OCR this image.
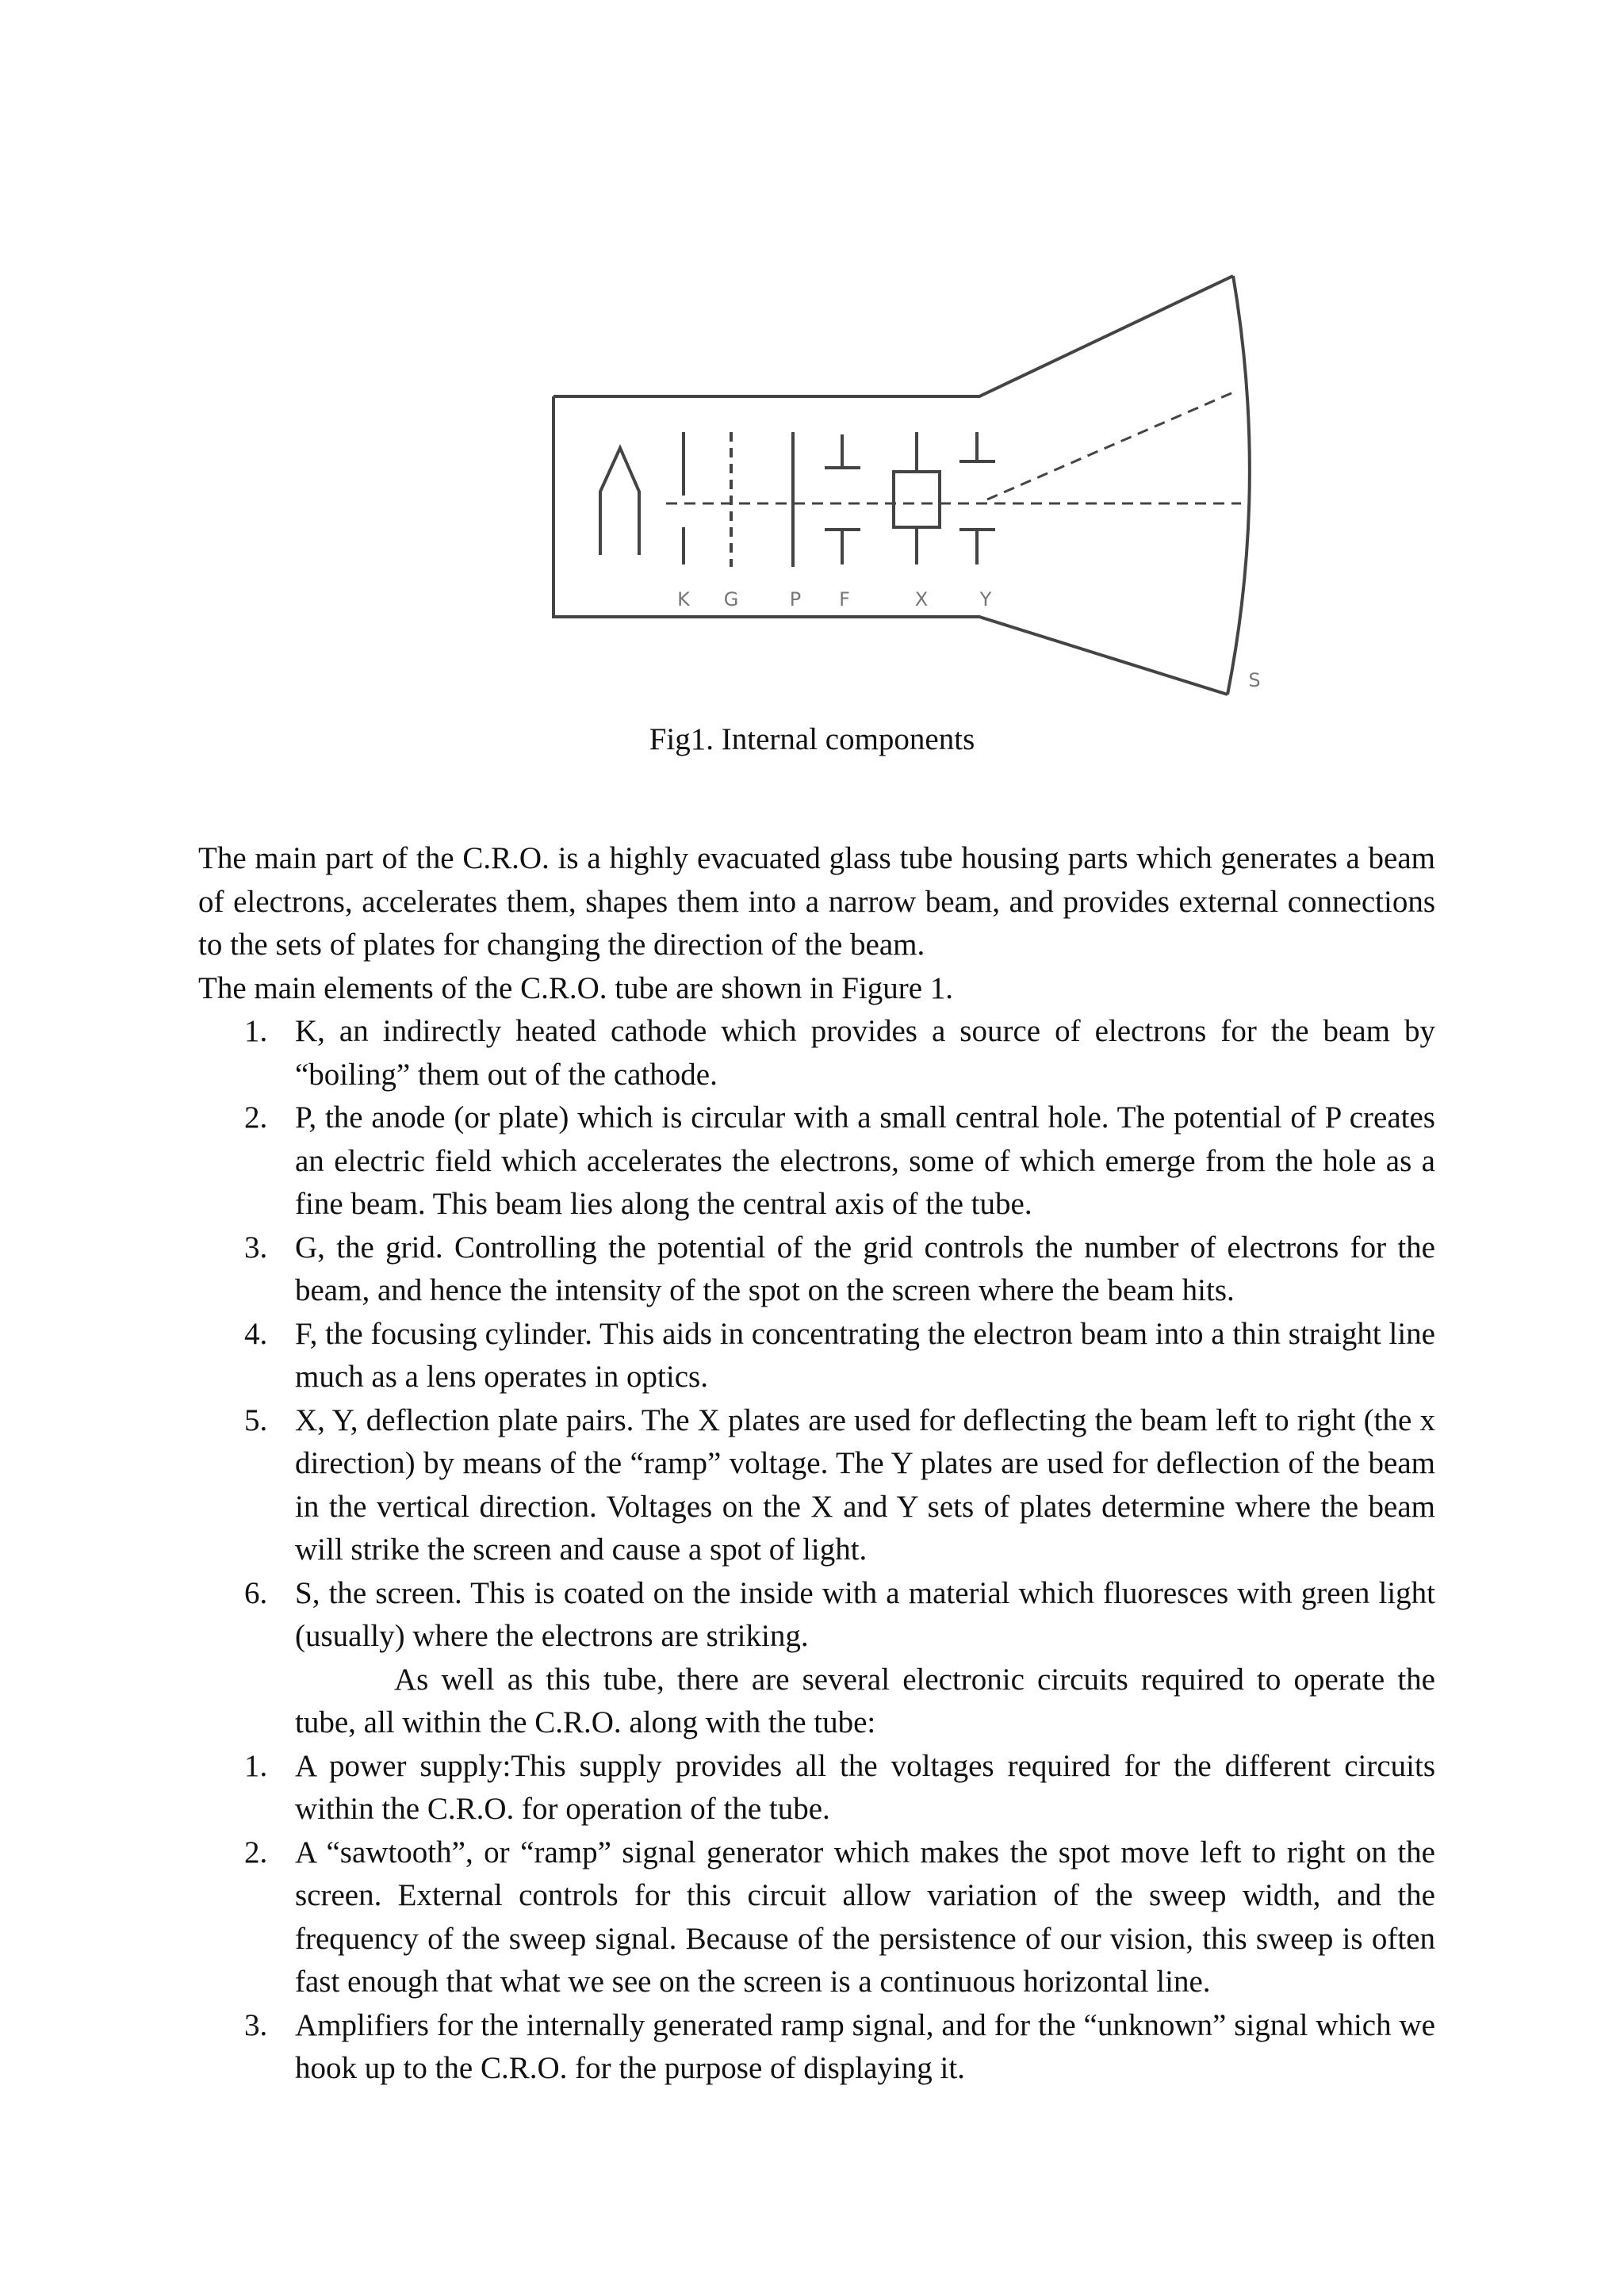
K G	P F	X	Y
S
Fig1. Internal components

The main part of the C.R.O. is a highly evacuated glass tube housing parts which generates a beam of electrons, accelerates them, shapes them into a narrow beam, and provides external connections to the sets of plates for changing the direction of the beam.

The main elements of the C.R.O. tube are shown in Figure 1.

1. K, an indirectly heated cathode which provides a source of electrons for the beam by “boiling” them out of the cathode.
2. P, the anode (or plate) which is circular with a small central hole. The potential of P creates an electric field which accelerates the electrons, some of which emerge from the hole as a fine beam. This beam lies along the central axis of the tube.
3. G, the grid. Controlling the potential of the grid controls the number of electrons for the beam, and hence the intensity of the spot on the screen where the beam hits.
4. F, the focusing cylinder. This aids in concentrating the electron beam into a thin straight line much as a lens operates in optics.
5. X, Y, deflection plate pairs. The X plates are used for deflecting the beam left to right (the x direction) by means of the “ramp” voltage. The Y plates are used for deflection of the beam in the vertical direction. Voltages on the X and Y sets of plates determine where the beam will strike the screen and cause a spot of light.
6. S, the screen. This is coated on the inside with a material which fluoresces with green light (usually) where the electrons are striking.

As well as this tube, there are several electronic circuits required to operate the tube, all within the C.R.O. along with the tube:

1. A power supply:This supply provides all the voltages required for the different circuits within the C.R.O. for operation of the tube.
2. A “sawtooth”, or “ramp” signal generator which makes the spot move left to right on the screen. External controls for this circuit allow variation of the sweep width, and the frequency of the sweep signal. Because of the persistence of our vision, this sweep is often fast enough that what we see on the screen is a continuous horizontal line.
3. Amplifiers for the internally generated ramp signal, and for the “unknown” signal which we hook up to the C.R.O. for the purpose of displaying it.
